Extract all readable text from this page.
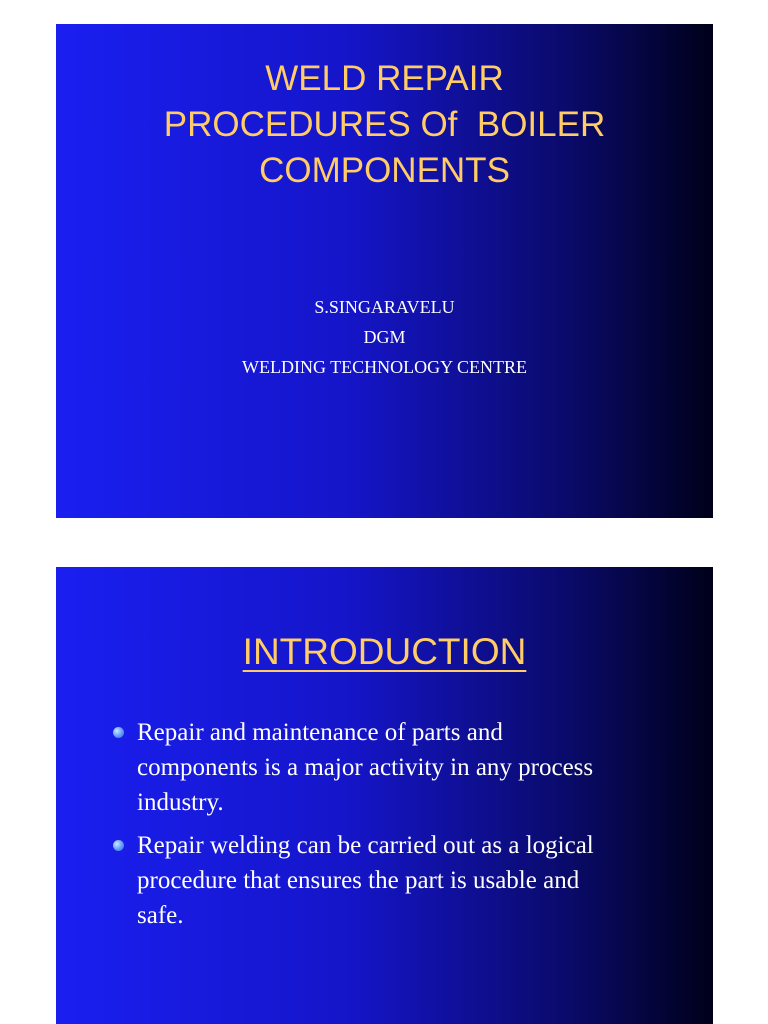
WELD REPAIR
PROCEDURES Of  BOILER
COMPONENTS
S.SINGARAVELU
DGM
WELDING TECHNOLOGY CENTRE
INTRODUCTION
Repair and maintenance of parts and components is a major activity in any process industry.
Repair welding can be carried out as a logical procedure that ensures the part is usable and safe.
